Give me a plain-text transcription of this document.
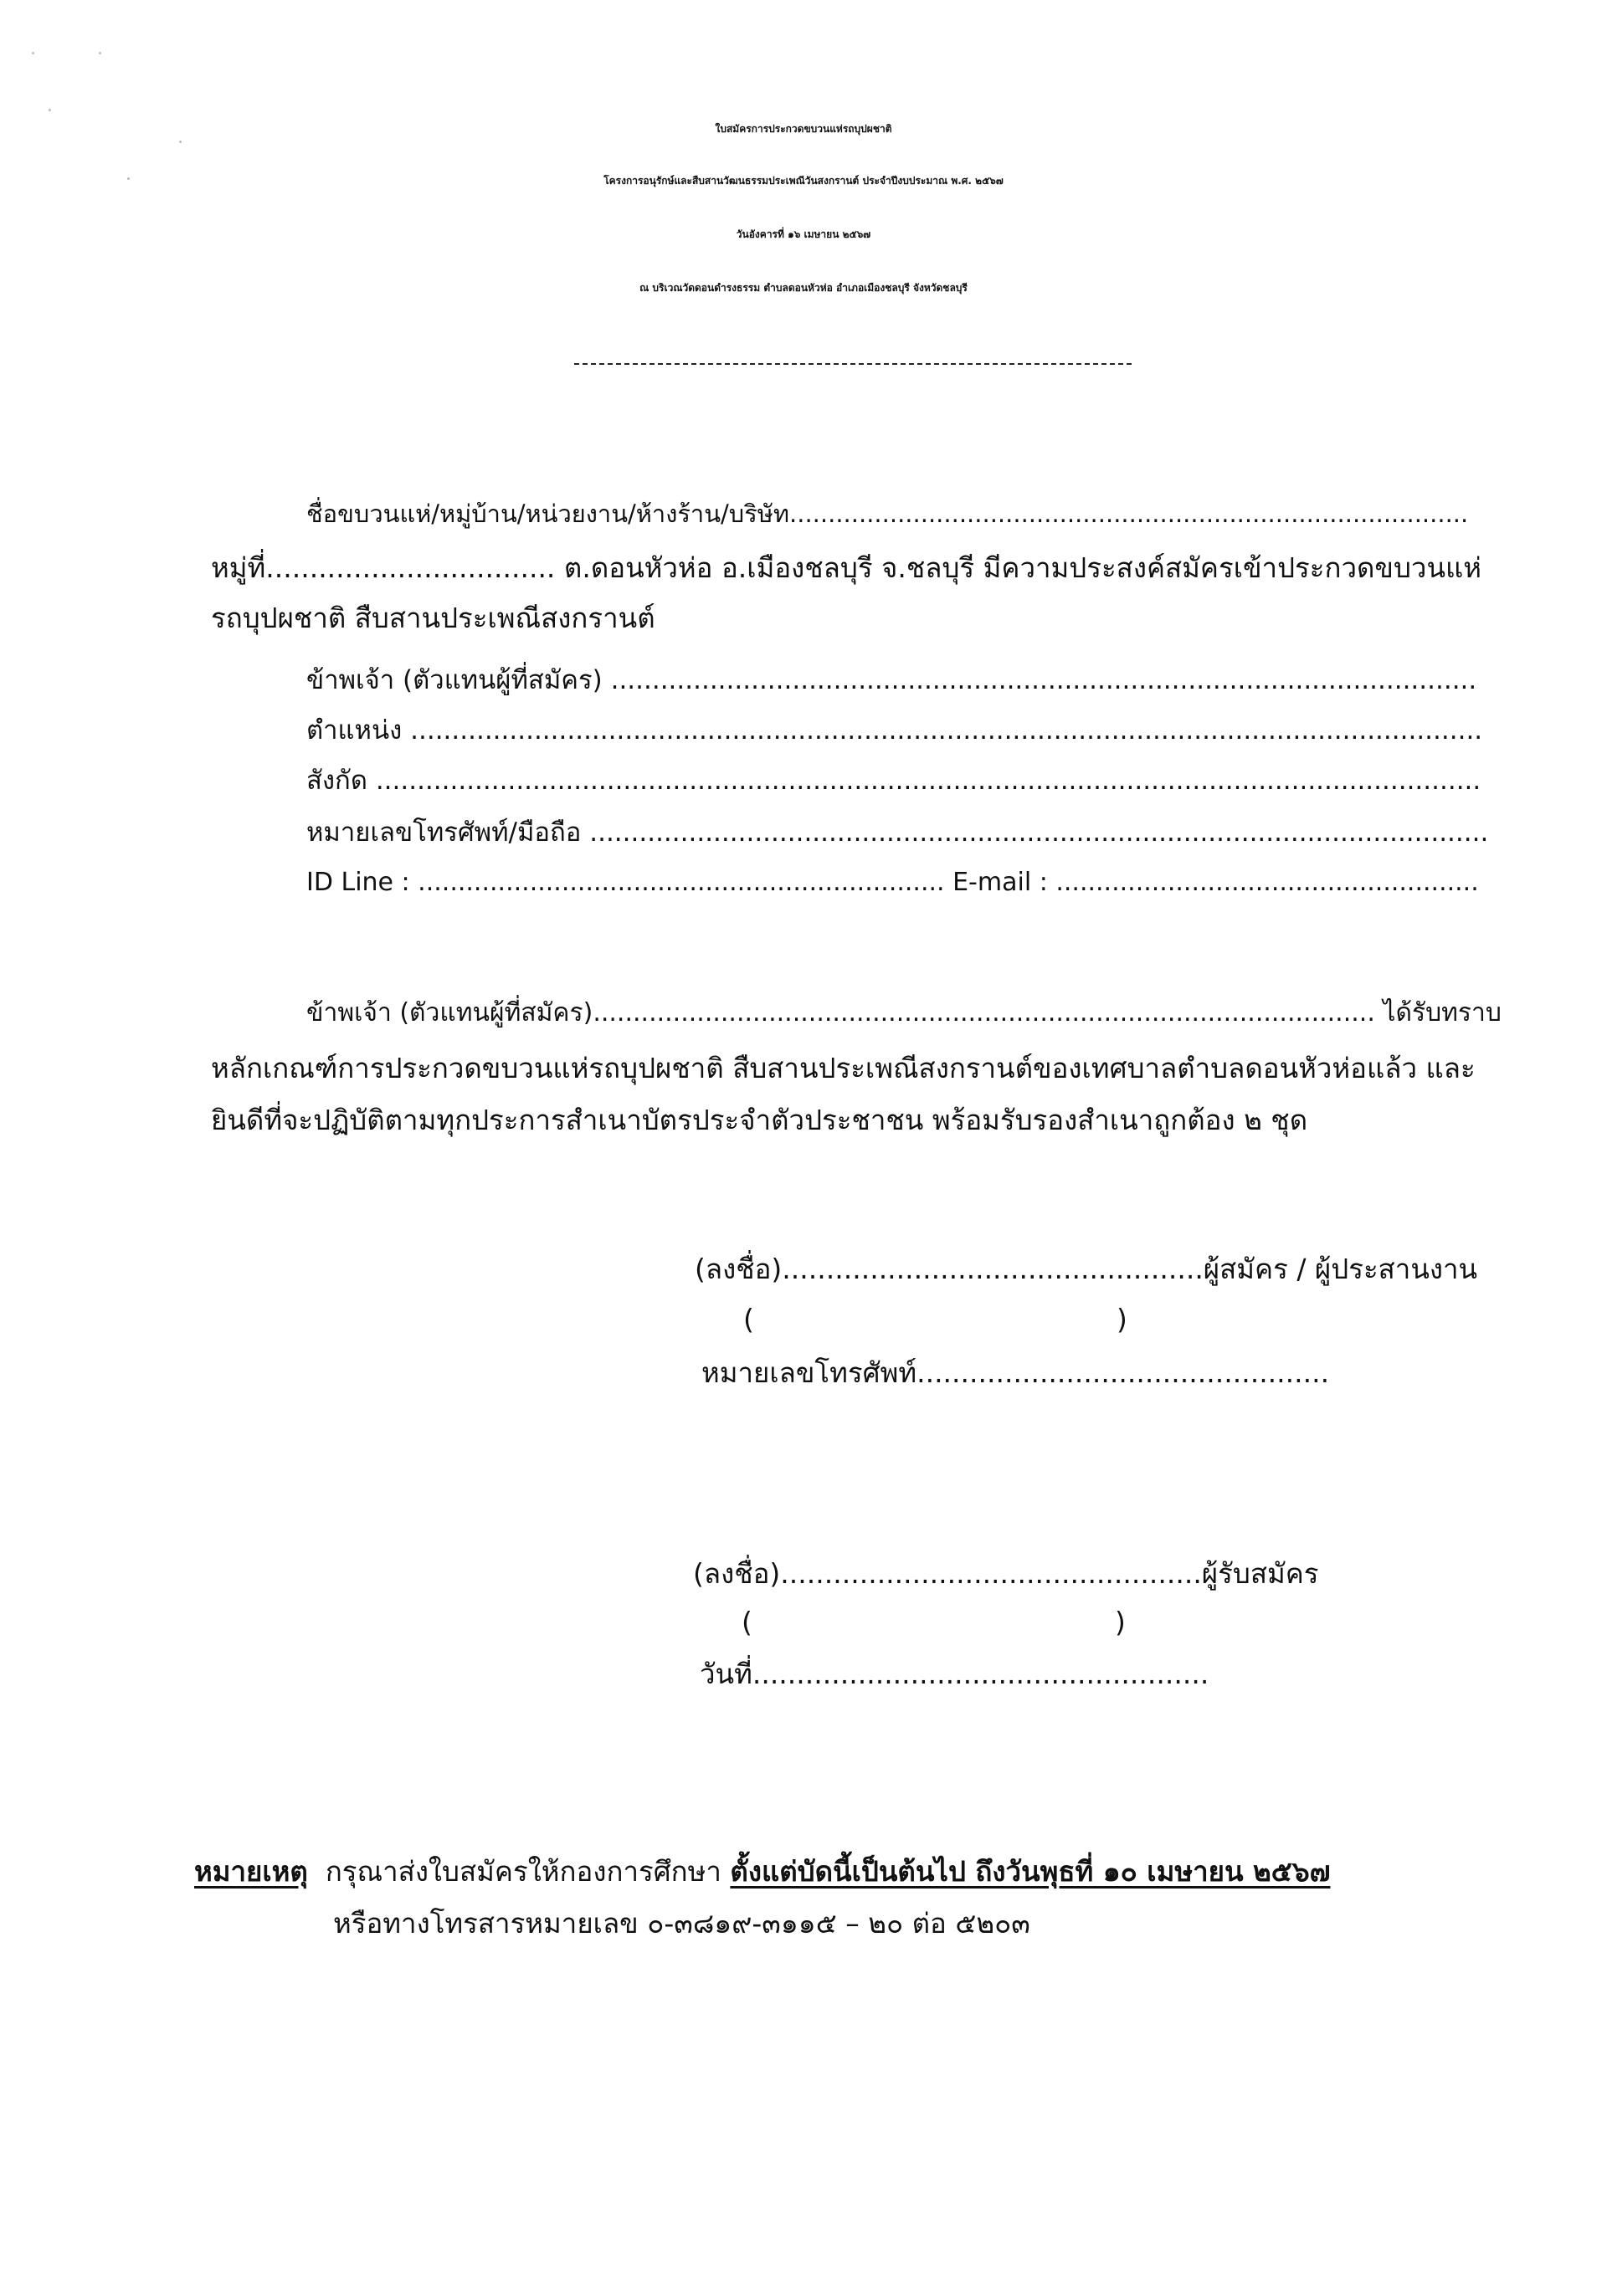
ใบสมัครการประกวดขบวนแห่รถบุปผชาติ
โครงการอนุรักษ์และสืบสานวัฒนธรรมประเพณีวันสงกรานต์ ประจำปีงบประมาณ พ.ศ. ๒๕๖๗
วันอังคารที่ ๑๖ เมษายน ๒๕๖๗
ณ บริเวณวัดดอนดำรงธรรม ตำบลดอนหัวห่อ อำเภอเมืองชลบุรี จังหวัดชลบุรี
ชื่อขบวนแห่/หมู่บ้าน/หน่วยงาน/ห้างร้าน/บริษัท........................................................................................
หมู่ที่................................. ต.ดอนหัวห่อ อ.เมืองชลบุรี จ.ชลบุรี มีความประสงค์สมัครเข้าประกวดขบวนแห่
รถบุปผชาติ สืบสานประเพณีสงกรานต์
ข้าพเจ้า (ตัวแทนผู้ที่สมัคร) .........................................................................................................
ตำแหน่ง ..................................................................................................................................
สังกัด ......................................................................................................................................
หมายเลขโทรศัพท์/มือถือ .............................................................................................................
ID Line : .................................................................. E-mail : .....................................................
ข้าพเจ้า (ตัวแทนผู้ที่สมัคร).................................................................................................. ได้รับทราบ
หลักเกณฑ์การประกวดขบวนแห่รถบุปผชาติ สืบสานประเพณีสงกรานต์ของเทศบาลตำบลดอนหัวห่อแล้ว และ
ยินดีที่จะปฏิบัติตามทุกประการสำเนาบัตรประจำตัวประชาชน พร้อมรับรองสำเนาถูกต้อง ๒ ชุด
(ลงชื่อ)................................................ผู้สมัคร / ผู้ประสานงาน
(	)
หมายเลขโทรศัพท์...............................................
(ลงชื่อ)................................................ผู้รับสมัคร
(	)
วันที่....................................................
หมายเหตุ กรุณาส่งใบสมัครให้กองการศึกษา ตั้งแต่บัดนี้เป็นต้นไป ถึงวันพุธที่ ๑๐ เมษายน ๒๕๖๗
หรือทางโทรสารหมายเลข ๐-๓๘๑๙-๓๑๑๕ – ๒๐ ต่อ ๕๒๐๓
